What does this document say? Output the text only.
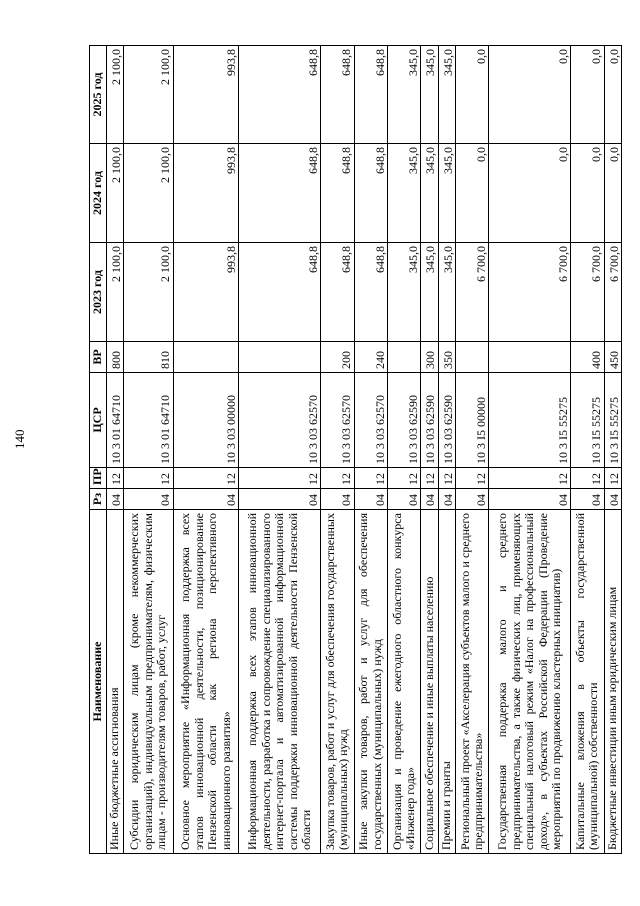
140
Наименование	Рз	ПР	ЦСР	ВР	2023 год	2024 год	2025 год
Иные бюджетные ассигнования	04	12	10 3 01 64710	800	2 100,0	2 100,0	2 100,0
Субсидии юридическим лицам (кроме некоммерческих организаций), индивидуальным предпринимателям, физическим лицам - производителям товаров, работ, услуг	04	12	10 3 01 64710	810	2 100,0	2 100,0	2 100,0
Основное мероприятие «Информационная поддержка всех этапов инновационной деятельности, позиционирование Пензенской области как региона перспективного инновационного развития»	04	12	10 3 03 00000		993,8	993,8	993,8
Информационная поддержка всех этапов инновационной деятельности, разработка и сопровождение специализированного интернет-портала и автоматизированной информационной системы поддержки инновационной деятельности Пензенской области	04	12	10 3 03 62570		648,8	648,8	648,8
Закупка товаров, работ и услуг для обеспечения государственных (муниципальных) нужд	04	12	10 3 03 62570	200	648,8	648,8	648,8
Иные закупки товаров, работ и услуг для обеспечения государственных (муниципальных) нужд	04	12	10 3 03 62570	240	648,8	648,8	648,8
Организация и проведение ежегодного областного конкурса «Инженер года»	04	12	10 3 03 62590		345,0	345,0	345,0
Социальное обеспечение и иные выплаты населению	04	12	10 3 03 62590	300	345,0	345,0	345,0
Премии и гранты	04	12	10 3 03 62590	350	345,0	345,0	345,0
Региональный проект «Акселерация субъектов малого и среднего предпринимательства»	04	12	10 3 I5 00000		6 700,0	0,0	0,0
Государственная поддержка малого и среднего предпринимательства, а также физических лиц, применяющих специальный налоговый режим «Налог на профессиональный доход», в субъектах Российской Федерации (Проведение мероприятий по продвижению кластерных инициатив)	04	12	10 3 I5 55275		6 700,0	0,0	0,0
Капитальные вложения в объекты государственной (муниципальной) собственности	04	12	10 3 I5 55275	400	6 700,0	0,0	0,0
Бюджетные инвестиции иным юридическим лицам	04	12	10 3 I5 55275	450	6 700,0	0,0	0,0
